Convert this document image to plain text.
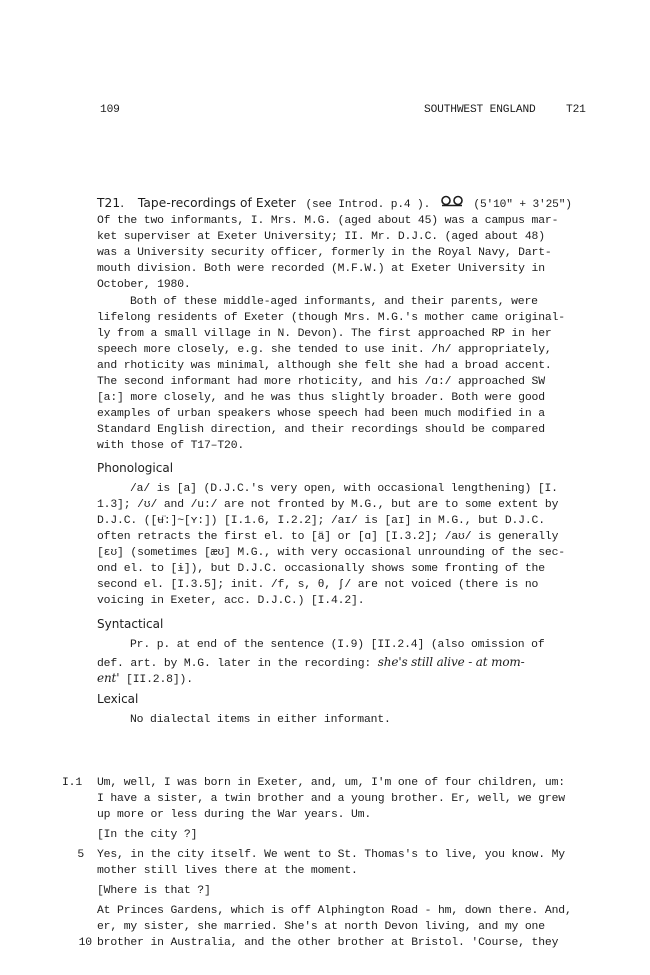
109	SOUTHWEST ENGLAND	T21
T21. Tape-recordings of Exeter (see Introd. p.4 ).	(5'10" + 3'25")
Of the two informants, I. Mrs. M.G. (aged about 45) was a campus mar-
ket superviser at Exeter University; II. Mr. D.J.C. (aged about 48)
was a University security officer, formerly in the Royal Navy, Dart-
mouth division. Both were recorded (M.F.W.) at Exeter University in
October, 1980.
Both of these middle-aged informants, and their parents, were
lifelong residents of Exeter (though Mrs. M.G.'s mother came original-
ly from a small village in N. Devon). The first approached RP in her
speech more closely, e.g. she tended to use init. /h/ appropriately,
and rhoticity was minimal, although she felt she had a broad accent.
The second informant had more rhoticity, and his /ɑ:/ approached SW
[a:] more closely, and he was thus slightly broader. Both were good
examples of urban speakers whose speech had been much modified in a
Standard English direction, and their recordings should be compared
with those of T17–T20.
Phonological
/a/ is [a] (D.J.C.'s very open, with occasional lengthening) [I.
1.3]; /ʊ/ and /u:/ are not fronted by M.G., but are to some extent by
D.J.C. ([ʉ̈:]~[ʏ:]) [I.1.6, I.2.2]; /aɪ/ is [aɪ] in M.G., but D.J.C.
often retracts the first el. to [ä] or [ɑ] [I.3.2]; /aʊ/ is generally
[ɛʊ] (sometimes [æʊ] M.G., with very occasional unrounding of the sec-
ond el. to [ɨ]), but D.J.C. occasionally shows some fronting of the
second el. [I.3.5]; init. /f, s, θ, ʃ/ are not voiced (there is no
voicing in Exeter, acc. D.J.C.) [I.4.2].
Syntactical
Pr. p. at end of the sentence (I.9) [II.2.4] (also omission of
def. art. by M.G. later in the recording: she's still alive - at mom-
ent' [II.2.8]).
Lexical
No dialectal items in either informant.
I.1 Um, well, I was born in Exeter, and, um, I'm one of four children, um:
I have a sister, a twin brother and a young brother. Er, well, we grew
up more or less during the War years. Um.
[In the city ?]
5 Yes, in the city itself. We went to St. Thomas's to live, you know. My
mother still lives there at the moment.
[Where is that ?]
At Princes Gardens, which is off Alphington Road - hm, down there. And,
er, my sister, she married. She's at north Devon living, and my one
10 brother in Australia, and the other brother at Bristol. 'Course, they
